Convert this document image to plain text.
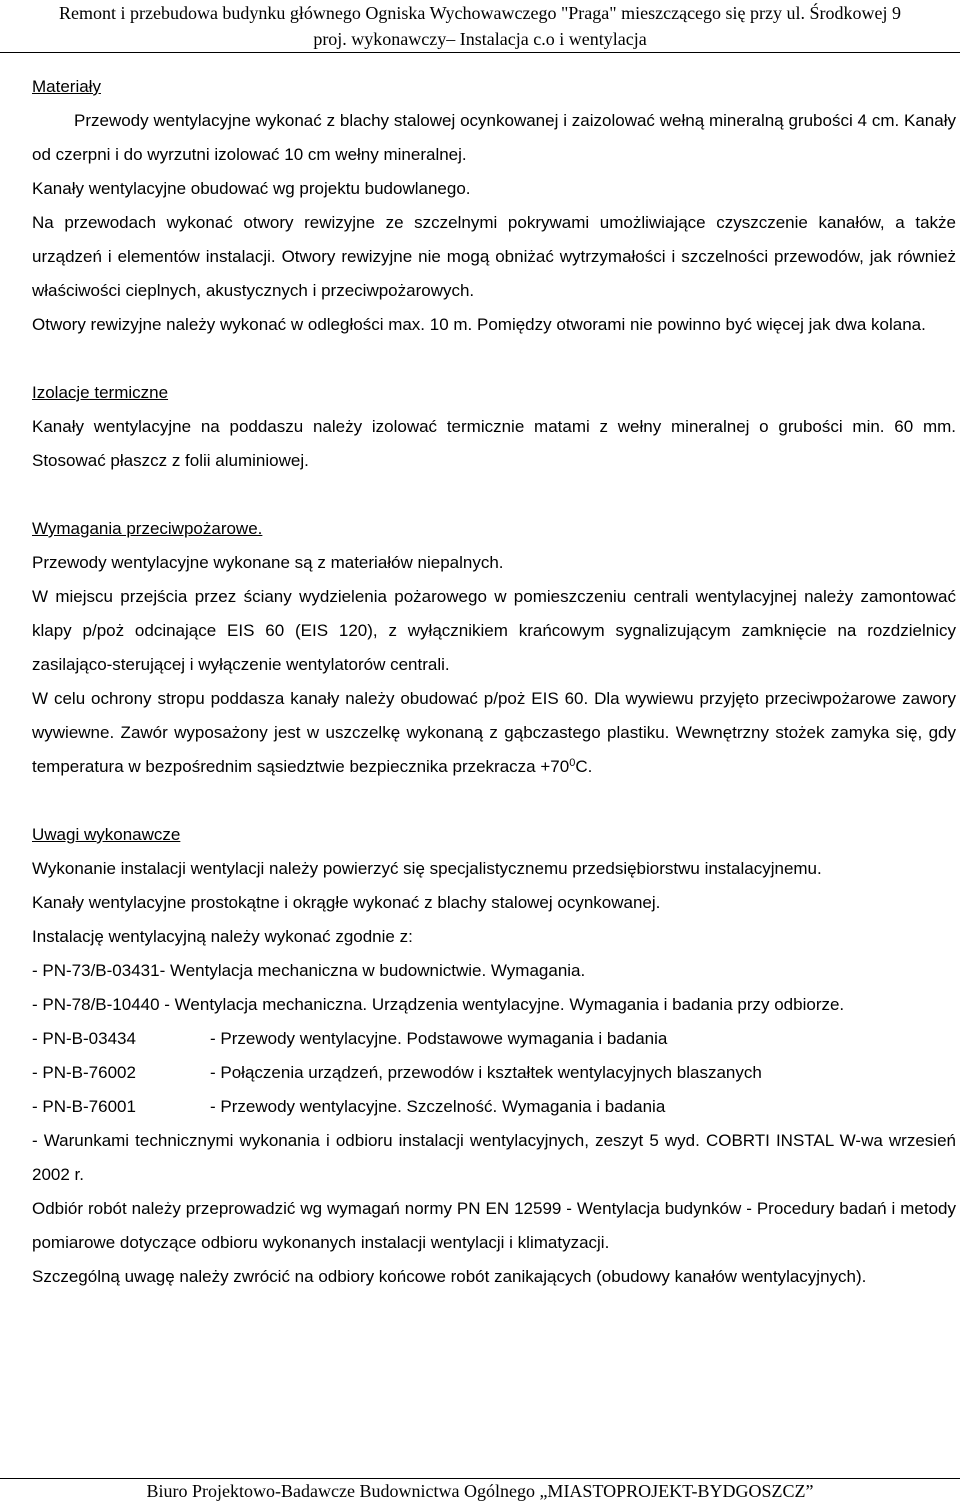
Remont i przebudowa budynku głównego Ogniska Wychowawczego "Praga" mieszczącego się przy ul. Środkowej 9
proj. wykonawczy– Instalacja c.o i wentylacja

Materiały

Przewody wentylacyjne wykonać z blachy stalowej ocynkowanej i zaizolować wełną mineralną grubości 4 cm. Kanały od czerpni i do wyrzutni izolować 10 cm wełny mineralnej.

Kanały wentylacyjne obudować wg projektu budowlanego.

Na przewodach wykonać otwory rewizyjne ze szczelnymi pokrywami umożliwiające czyszczenie kanałów, a także urządzeń i elementów instalacji. Otwory rewizyjne nie mogą obniżać wytrzymałości i szczelności przewodów, jak również właściwości cieplnych, akustycznych i przeciwpożarowych.

Otwory rewizyjne należy wykonać w odległości max. 10 m. Pomiędzy otworami nie powinno być więcej jak dwa kolana.

Izolacje termiczne

Kanały wentylacyjne na poddaszu należy izolować termicznie matami z wełny mineralnej o grubości min. 60 mm. Stosować płaszcz z folii aluminiowej.

Wymagania przeciwpożarowe.

Przewody wentylacyjne wykonane są z materiałów niepalnych.

W miejscu przejścia przez ściany wydzielenia pożarowego w pomieszczeniu centrali wentylacyjnej należy zamontować klapy p/poż odcinające EIS 60 (EIS 120), z wyłącznikiem krańcowym sygnalizującym zamknięcie na rozdzielnicy zasilająco-sterującej i wyłączenie wentylatorów centrali.

W celu ochrony stropu poddasza kanały należy obudować p/poż EIS 60. Dla wywiewu przyjęto przeciwpożarowe zawory wywiewne. Zawór wyposażony jest w uszczelkę wykonaną z gąbczastego plastiku. Wewnętrzny stożek zamyka się, gdy temperatura w bezpośrednim sąsiedztwie bezpiecznika przekracza $+70^0C$.

Uwagi wykonawcze

Wykonanie instalacji wentylacji należy powierzyć się specjalistycznemu przedsiębiorstwu instalacyjnemu.

Kanały wentylacyjne prostokątne i okrągłe wykonać z blachy stalowej ocynkowanej.

Instalację wentylacyjną należy wykonać zgodnie z:

- PN-73/B-03431- Wentylacja mechaniczna w budownictwie. Wymagania.

- PN-78/B-10440 - Wentylacja mechaniczna. Urządzenia wentylacyjne. Wymagania i badania przy odbiorze.

- PN-B-03434	- Przewody wentylacyjne. Podstawowe wymagania i badania
- PN-B-76002	- Połączenia urządzeń, przewodów i kształtek wentylacyjnych blaszanych
- PN-B-76001	- Przewody wentylacyjne. Szczelność. Wymagania i badania

- Warunkami technicznymi wykonania i odbioru instalacji wentylacyjnych, zeszyt 5 wyd. COBRTI INSTAL W-wa wrzesień 2002 r.

Odbiór robót należy przeprowadzić wg wymagań normy PN EN 12599 - Wentylacja budynków - Procedury badań i metody pomiarowe dotyczące odbioru wykonanych instalacji wentylacji i klimatyzacji.

Szczególną uwagę należy zwrócić na odbiory końcowe robót zanikających (obudowy kanałów wentylacyjnych).

Biuro Projektowo-Badawcze Budownictwa Ogólnego „MIASTOPROJEKT-BYDGOSZCZ”
